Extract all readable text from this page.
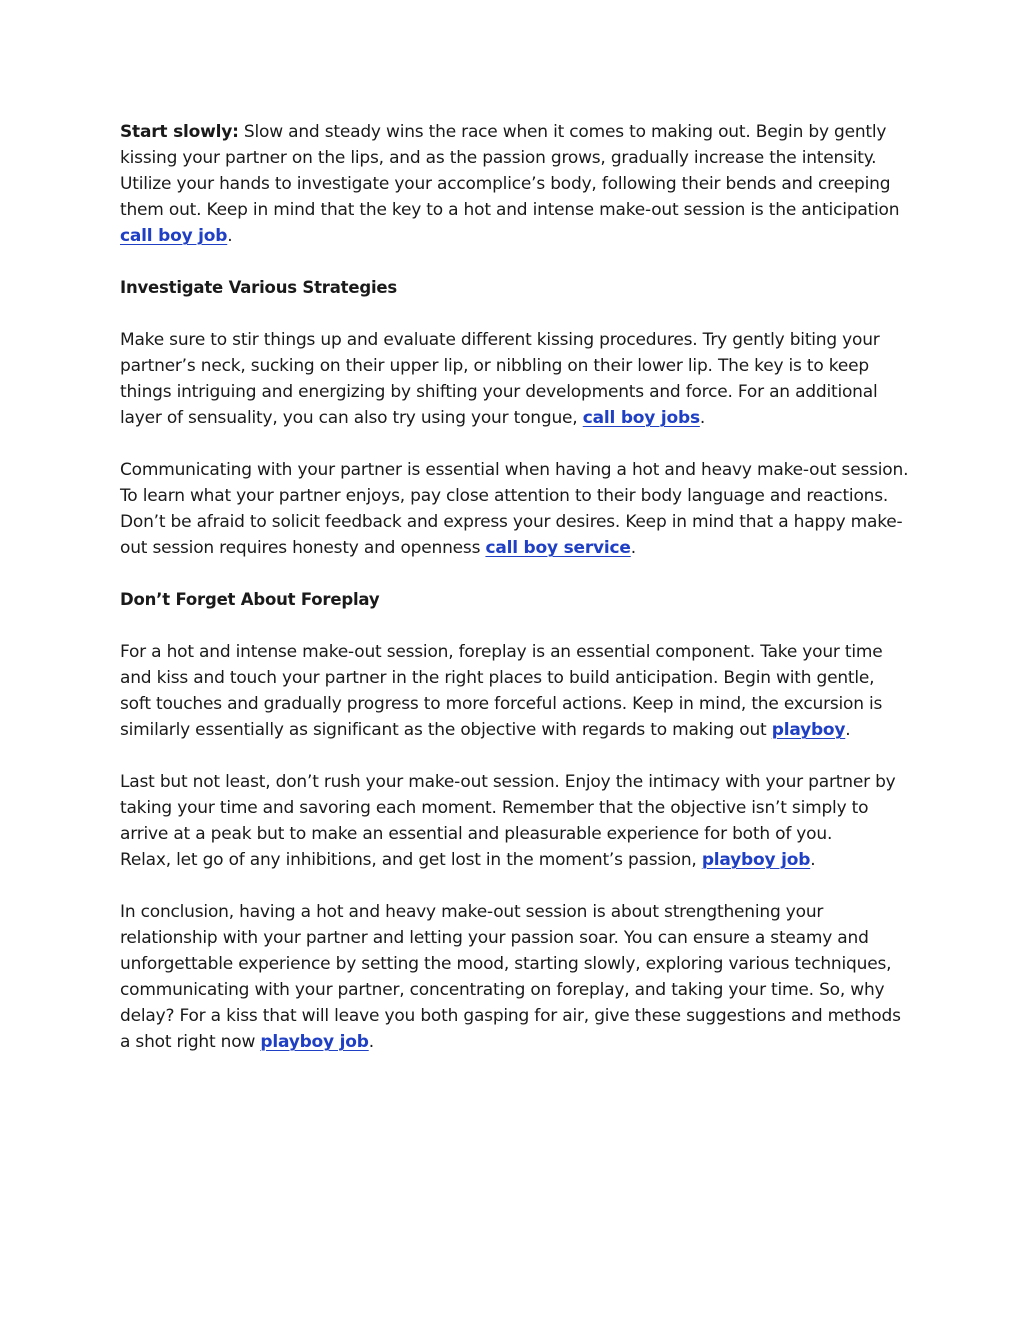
Start slowly: Slow and steady wins the race when it comes to making out. Begin by gently kissing your partner on the lips, and as the passion grows, gradually increase the intensity. Utilize your hands to investigate your accomplice’s body, following their bends and creeping them out. Keep in mind that the key to a hot and intense make-out session is the anticipation call boy job.

Investigate Various Strategies

Make sure to stir things up and evaluate different kissing procedures. Try gently biting your partner’s neck, sucking on their upper lip, or nibbling on their lower lip. The key is to keep things intriguing and energizing by shifting your developments and force. For an additional layer of sensuality, you can also try using your tongue, call boy jobs.

Communicating with your partner is essential when having a hot and heavy make-out session. To learn what your partner enjoys, pay close attention to their body language and reactions. Don’t be afraid to solicit feedback and express your desires. Keep in mind that a happy make-out session requires honesty and openness call boy service.

Don’t Forget About Foreplay

For a hot and intense make-out session, foreplay is an essential component. Take your time and kiss and touch your partner in the right places to build anticipation. Begin with gentle, soft touches and gradually progress to more forceful actions. Keep in mind, the excursion is similarly essentially as significant as the objective with regards to making out playboy.

Last but not least, don’t rush your make-out session. Enjoy the intimacy with your partner by taking your time and savoring each moment. Remember that the objective isn’t simply to arrive at a peak but to make an essential and pleasurable experience for both of you.
Relax, let go of any inhibitions, and get lost in the moment’s passion, playboy job.

In conclusion, having a hot and heavy make-out session is about strengthening your relationship with your partner and letting your passion soar. You can ensure a steamy and unforgettable experience by setting the mood, starting slowly, exploring various techniques, communicating with your partner, concentrating on foreplay, and taking your time. So, why delay? For a kiss that will leave you both gasping for air, give these suggestions and methods a shot right now playboy job.
